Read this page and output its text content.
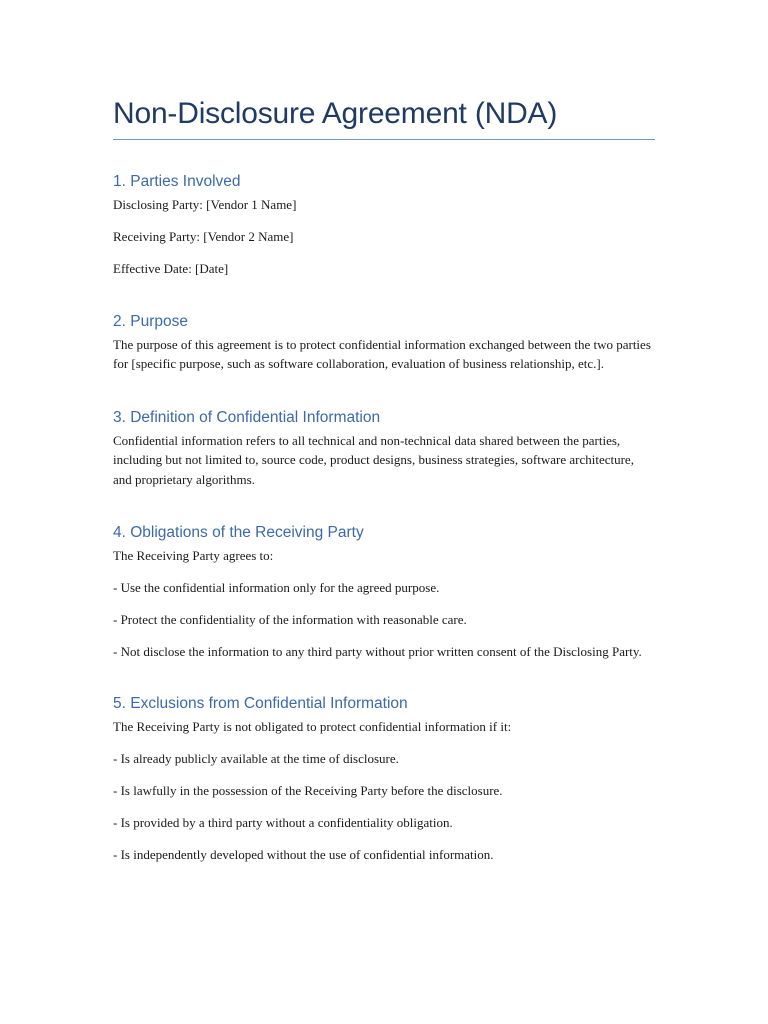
Non-Disclosure Agreement (NDA)
1. Parties Involved

Disclosing Party: [Vendor 1 Name]

Receiving Party: [Vendor 2 Name]

Effective Date: [Date]

2. Purpose

The purpose of this agreement is to protect confidential information exchanged between the two parties for [specific purpose, such as software collaboration, evaluation of business relationship, etc.].

3. Definition of Confidential Information

Confidential information refers to all technical and non-technical data shared between the parties, including but not limited to, source code, product designs, business strategies, software architecture, and proprietary algorithms.

4. Obligations of the Receiving Party

The Receiving Party agrees to:

- Use the confidential information only for the agreed purpose.

- Protect the confidentiality of the information with reasonable care.

- Not disclose the information to any third party without prior written consent of the Disclosing Party.

5. Exclusions from Confidential Information

The Receiving Party is not obligated to protect confidential information if it:

- Is already publicly available at the time of disclosure.

- Is lawfully in the possession of the Receiving Party before the disclosure.

- Is provided by a third party without a confidentiality obligation.

- Is independently developed without the use of confidential information.
